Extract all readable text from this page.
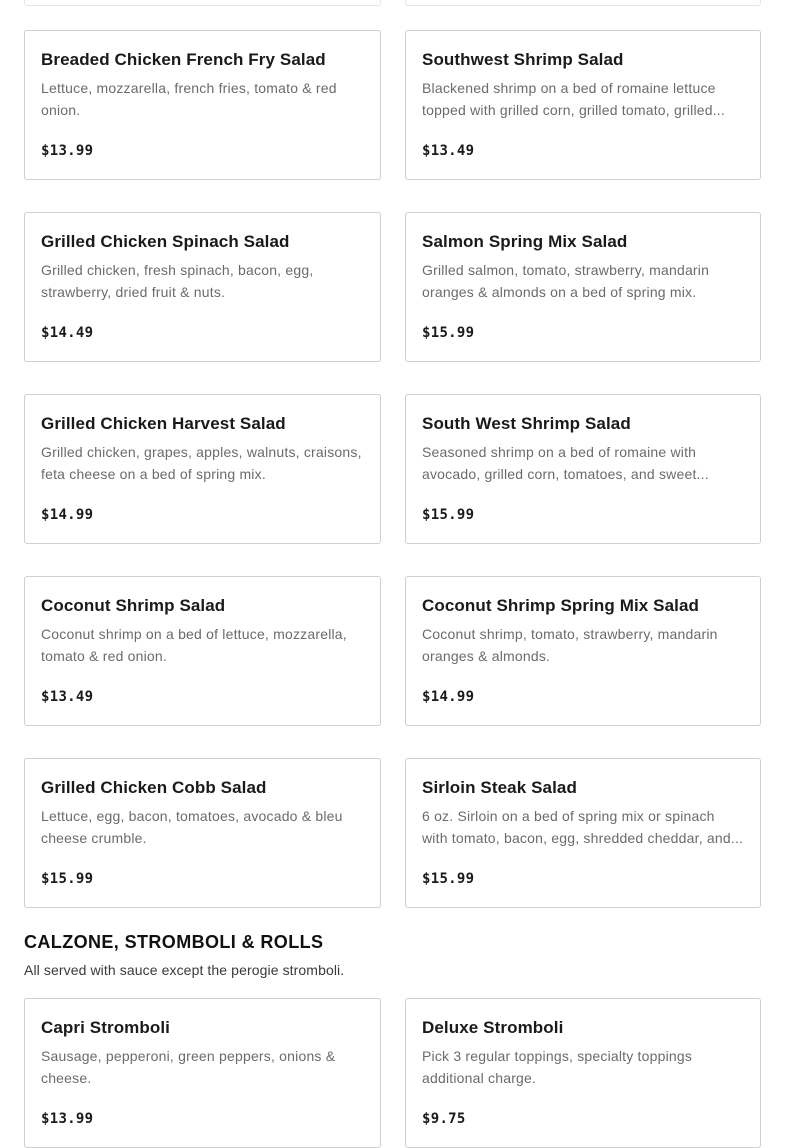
Breaded Chicken French Fry Salad
Lettuce, mozzarella, french fries, tomato & red onion.
$13.99
Southwest Shrimp Salad
Blackened shrimp on a bed of romaine lettuce topped with grilled corn, grilled tomato, grilled...
$13.49
Grilled Chicken Spinach Salad
Grilled chicken, fresh spinach, bacon, egg, strawberry, dried fruit & nuts.
$14.49
Salmon Spring Mix Salad
Grilled salmon, tomato, strawberry, mandarin oranges & almonds on a bed of spring mix.
$15.99
Grilled Chicken Harvest Salad
Grilled chicken, grapes, apples, walnuts, craisons, feta cheese on a bed of spring mix.
$14.99
South West Shrimp Salad
Seasoned shrimp on a bed of romaine with avocado, grilled corn, tomatoes, and sweet...
$15.99
Coconut Shrimp Salad
Coconut shrimp on a bed of lettuce, mozzarella, tomato & red onion.
$13.49
Coconut Shrimp Spring Mix Salad
Coconut shrimp, tomato, strawberry, mandarin oranges & almonds.
$14.99
Grilled Chicken Cobb Salad
Lettuce, egg, bacon, tomatoes, avocado & bleu cheese crumble.
$15.99
Sirloin Steak Salad
6 oz. Sirloin on a bed of spring mix or spinach with tomato, bacon, egg, shredded cheddar, and...
$15.99
CALZONE, STROMBOLI & ROLLS

All served with sauce except the perogie stromboli.

Capri Stromboli
Sausage, pepperoni, green peppers, onions & cheese.
$13.99
Deluxe Stromboli
Pick 3 regular toppings, specialty toppings additional charge.
$9.75
